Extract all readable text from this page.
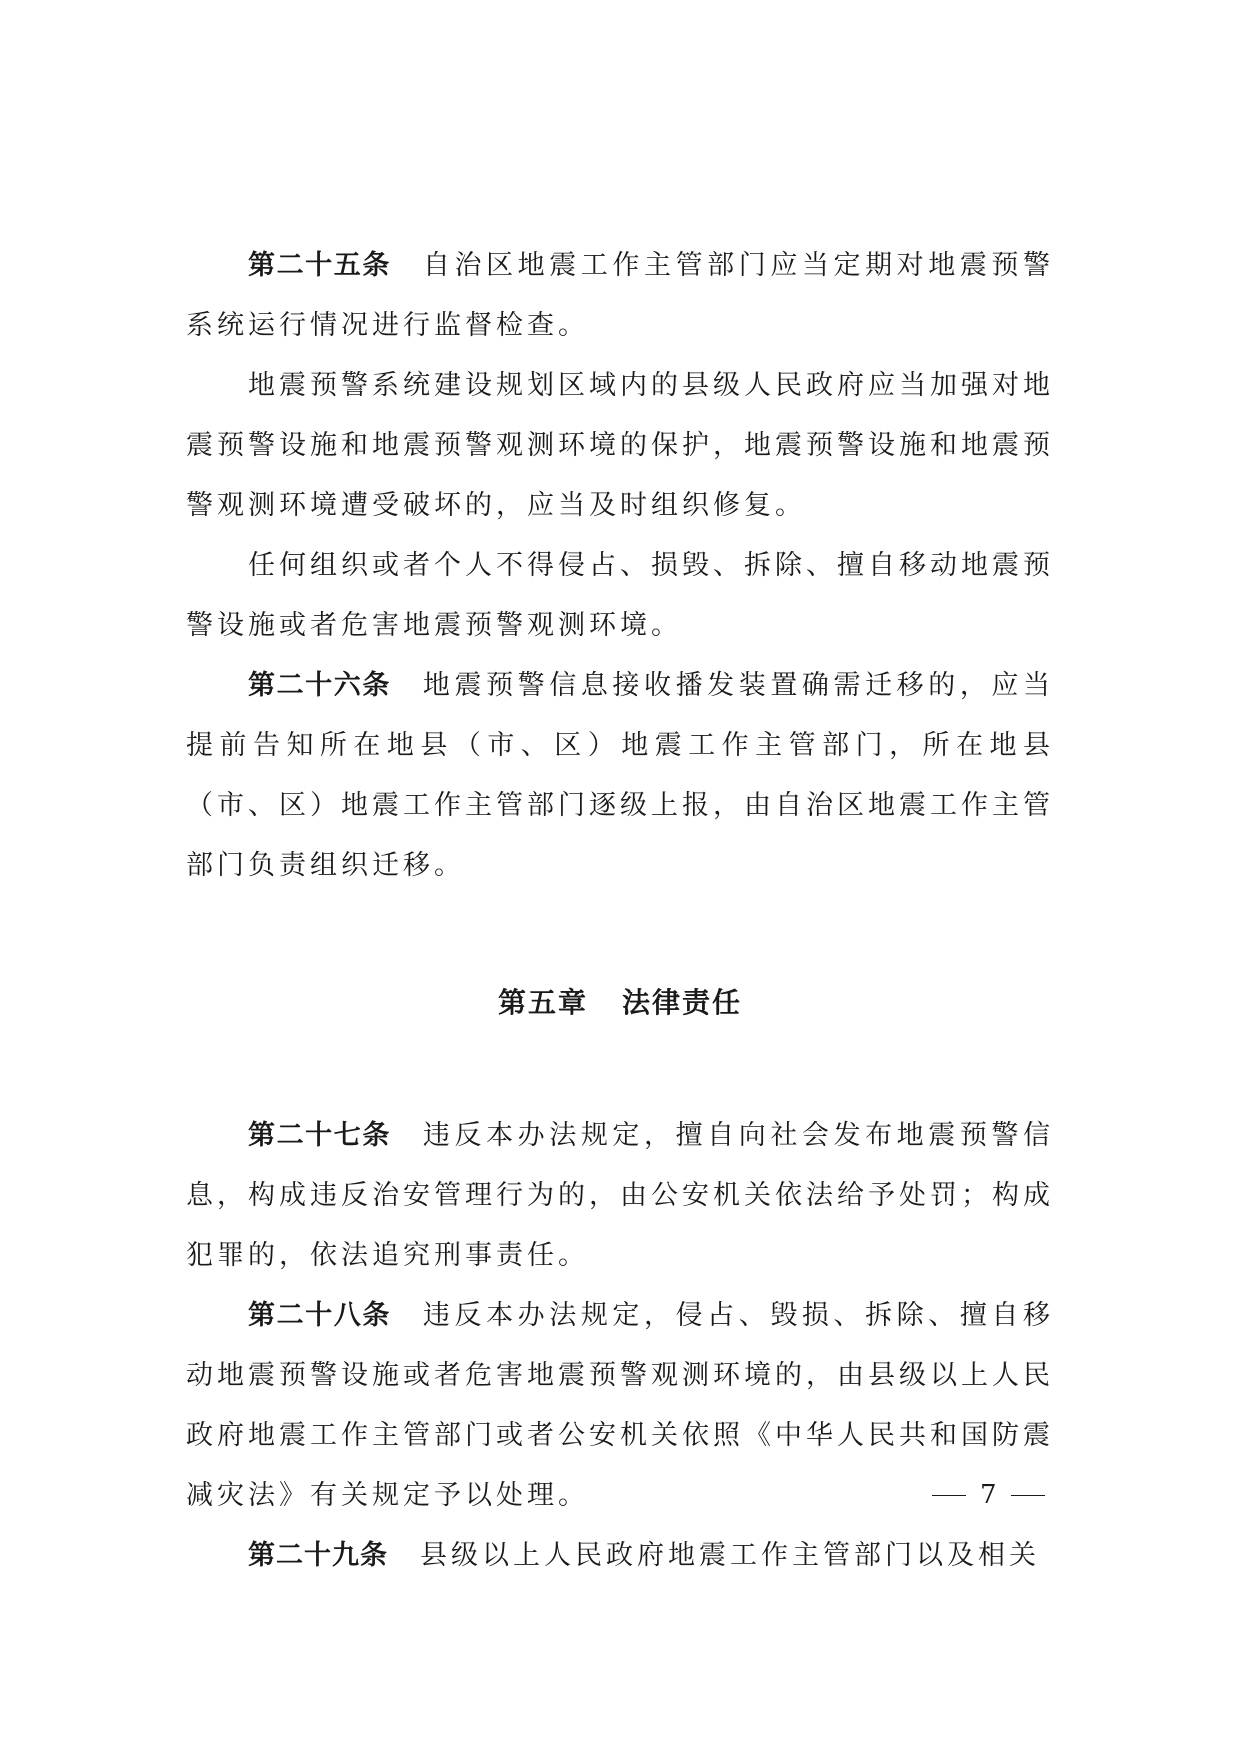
第二十五条 自治区地震工作主管部门应当定期对地震预警系统运行情况进行监督检查。

地震预警系统建设规划区域内的县级人民政府应当加强对地震预警设施和地震预警观测环境的保护，地震预警设施和地震预警观测环境遭受破坏的，应当及时组织修复。

任何组织或者个人不得侵占、损毁、拆除、擅自移动地震预警设施或者危害地震预警观测环境。

第二十六条 地震预警信息接收播发装置确需迁移的，应当提前告知所在地县（市、区）地震工作主管部门，所在地县（市、区）地震工作主管部门逐级上报，由自治区地震工作主管部门负责组织迁移。

第五章 法律责任

第二十七条 违反本办法规定，擅自向社会发布地震预警信息，构成违反治安管理行为的，由公安机关依法给予处罚；构成犯罪的，依法追究刑事责任。

第二十八条 违反本办法规定，侵占、毁损、拆除、擅自移动地震预警设施或者危害地震预警观测环境的，由县级以上人民政府地震工作主管部门或者公安机关依照《中华人民共和国防震减灾法》有关规定予以处理。

第二十九条 县级以上人民政府地震工作主管部门以及相关

7
